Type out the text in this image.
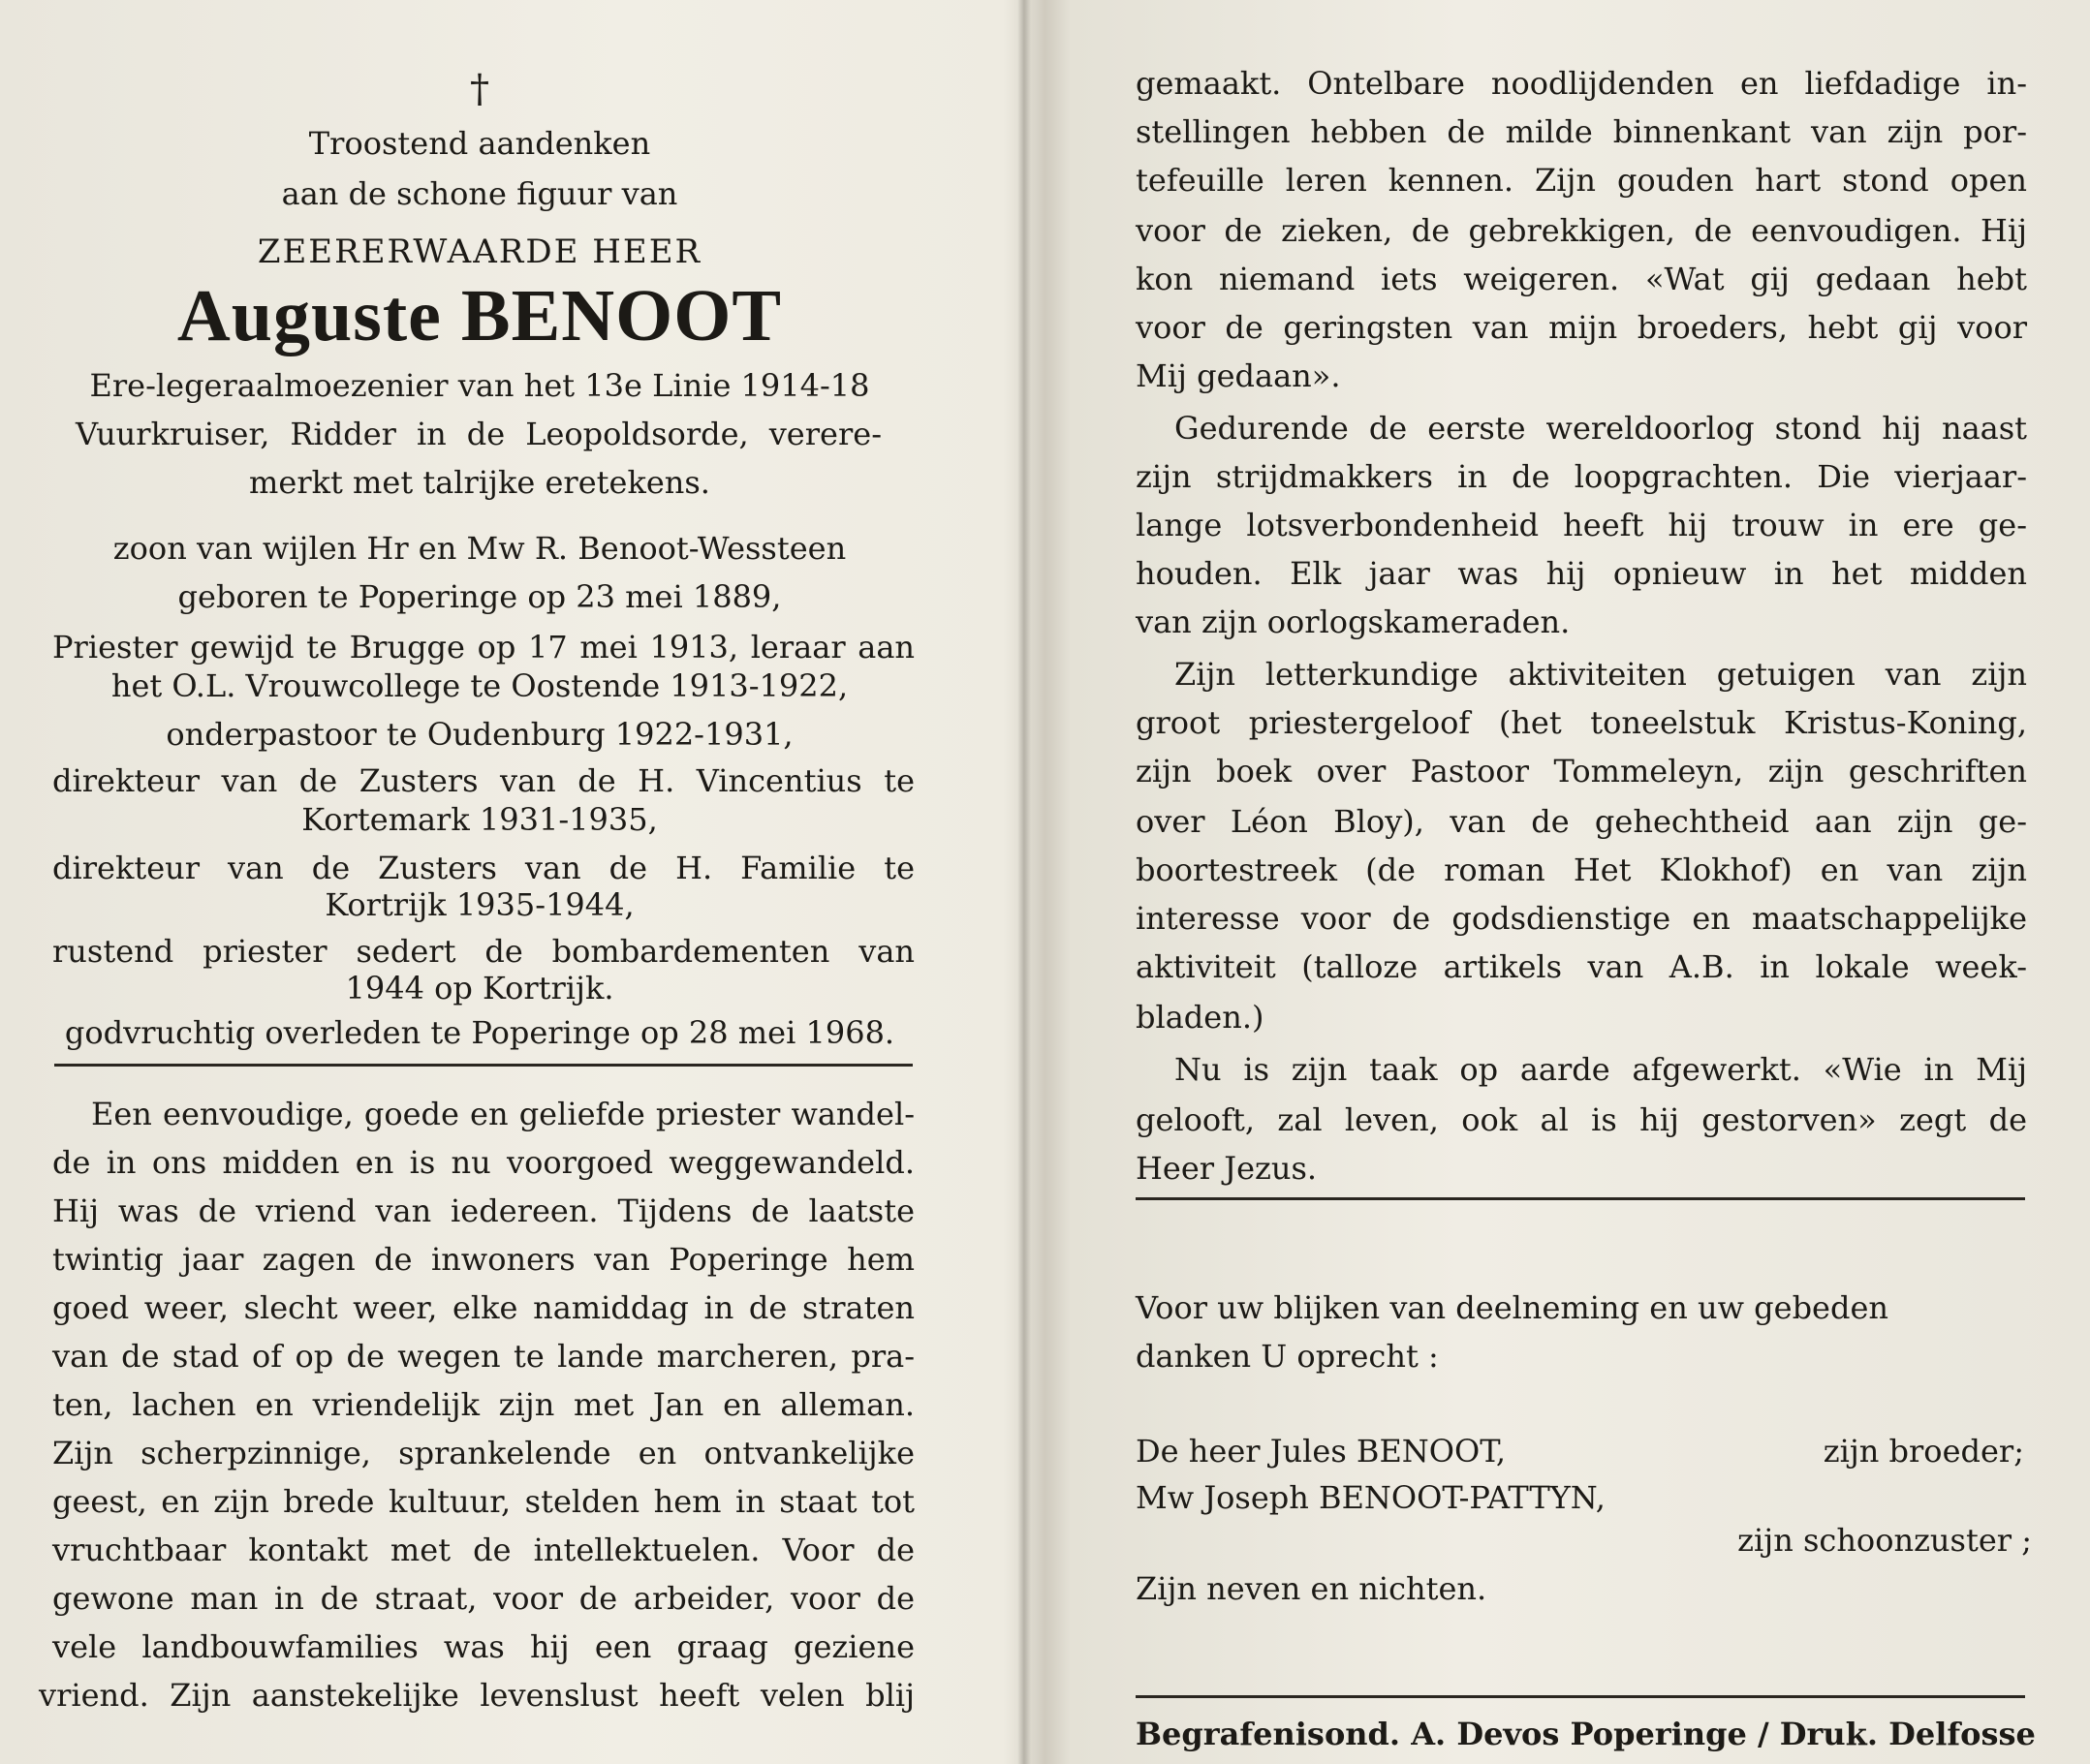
†
Troostend aandenken
aan de schone figuur van
ZEERERWAARDE HEER
Auguste BENOOT
Ere-legeraalmoezenier van het 13e Linie 1914-18
Vuurkruiser, Ridder in de Leopoldsorde, verere-
merkt met talrijke eretekens.
zoon van wijlen Hr en Mw R. Benoot-Wessteen
geboren te Poperinge op 23 mei 1889,
Priester gewijd te Brugge op 17 mei 1913, leraar aan
het O.L. Vrouwcollege te Oostende 1913-1922,
onderpastoor te Oudenburg 1922-1931,
direkteur van de Zusters van de H. Vincentius te
Kortemark 1931-1935,
direkteur van de Zusters van de H. Familie te
Kortrijk 1935-1944,
rustend priester sedert de bombardementen van
1944 op Kortrijk.
godvruchtig overleden te Poperinge op 28 mei 1968.
Een eenvoudige, goede en geliefde priester wandel-
de in ons midden en is nu voorgoed weggewandeld.
Hij was de vriend van iedereen. Tijdens de laatste
twintig jaar zagen de inwoners van Poperinge hem
goed weer, slecht weer, elke namiddag in de straten
van de stad of op de wegen te lande marcheren, pra-
ten, lachen en vriendelijk zijn met Jan en alleman.
Zijn scherpzinnige, sprankelende en ontvankelijke
geest, en zijn brede kultuur, stelden hem in staat tot
vruchtbaar kontakt met de intellektuelen. Voor de
gewone man in de straat, voor de arbeider, voor de
vele landbouwfamilies was hij een graag geziene
vriend. Zijn aanstekelijke levenslust heeft velen blij
gemaakt. Ontelbare noodlijdenden en liefdadige in-
stellingen hebben de milde binnenkant van zijn por-
tefeuille leren kennen. Zijn gouden hart stond open
voor de zieken, de gebrekkigen, de eenvoudigen. Hij
kon niemand iets weigeren. «Wat gij gedaan hebt
voor de geringsten van mijn broeders, hebt gij voor
Mij gedaan».
Gedurende de eerste wereldoorlog stond hij naast
zijn strijdmakkers in de loopgrachten. Die vierjaar-
lange lotsverbondenheid heeft hij trouw in ere ge-
houden. Elk jaar was hij opnieuw in het midden
van zijn oorlogskameraden.
Zijn letterkundige aktiviteiten getuigen van zijn
groot priestergeloof (het toneelstuk Kristus-Koning,
zijn boek over Pastoor Tommeleyn, zijn geschriften
over Léon Bloy), van de gehechtheid aan zijn ge-
boortestreek (de roman Het Klokhof) en van zijn
interesse voor de godsdienstige en maatschappelijke
aktiviteit (talloze artikels van A.B. in lokale week-
bladen.)
Nu is zijn taak op aarde afgewerkt. «Wie in Mij
gelooft, zal leven, ook al is hij gestorven» zegt de
Heer Jezus.
Voor uw blijken van deelneming en uw gebeden
danken U oprecht :
De heer Jules BENOOT,	zijn broeder;
Mw Joseph BENOOT-PATTYN,
zijn schoonzuster ;
Zijn neven en nichten.
Begrafenisond. A. Devos Poperinge / Druk. Delfosse
